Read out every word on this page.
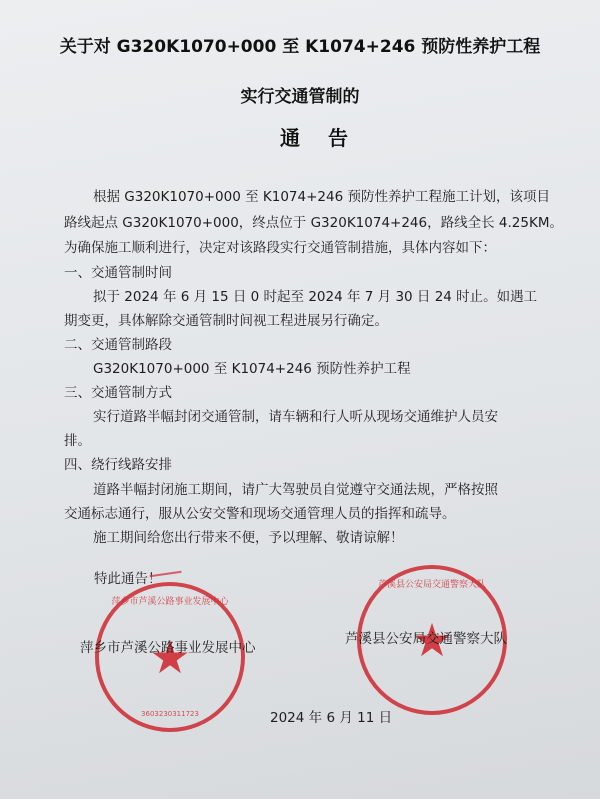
关于对 G320K1070+000 至 K1074+246 预防性养护工程
实行交通管制的
通告
根据 G320K1070+000 至 K1074+246 预防性养护工程施工计划，该项目
路线起点 G320K1070+000，终点位于 G320K1074+246，路线全长 4.25KM。
为确保施工顺利进行，决定对该路段实行交通管制措施，具体内容如下：
一、交通管制时间
拟于 2024 年 6 月 15 日 0 时起至 2024 年 7 月 30 日 24 时止。如遇工
期变更，具体解除交通管制时间视工程进展另行确定。
二、交通管制路段
G320K1070+000 至 K1074+246 预防性养护工程
三、交通管制方式
实行道路半幅封闭交通管制，请车辆和行人听从现场交通维护人员安
排。
四、绕行线路安排
道路半幅封闭施工期间，请广大驾驶员自觉遵守交通法规，严格按照
交通标志通行，服从公安交警和现场交通管理人员的指挥和疏导。
施工期间给您出行带来不便，予以理解、敬请谅解！
特此通告！
萍乡市芦溪公路事业发展中心
★
3603230311723
芦溪县公安局交通警察大队
★
萍乡市芦溪公路事业发展中心
芦溪县公安局交通警察大队
2024 年 6 月 11 日
